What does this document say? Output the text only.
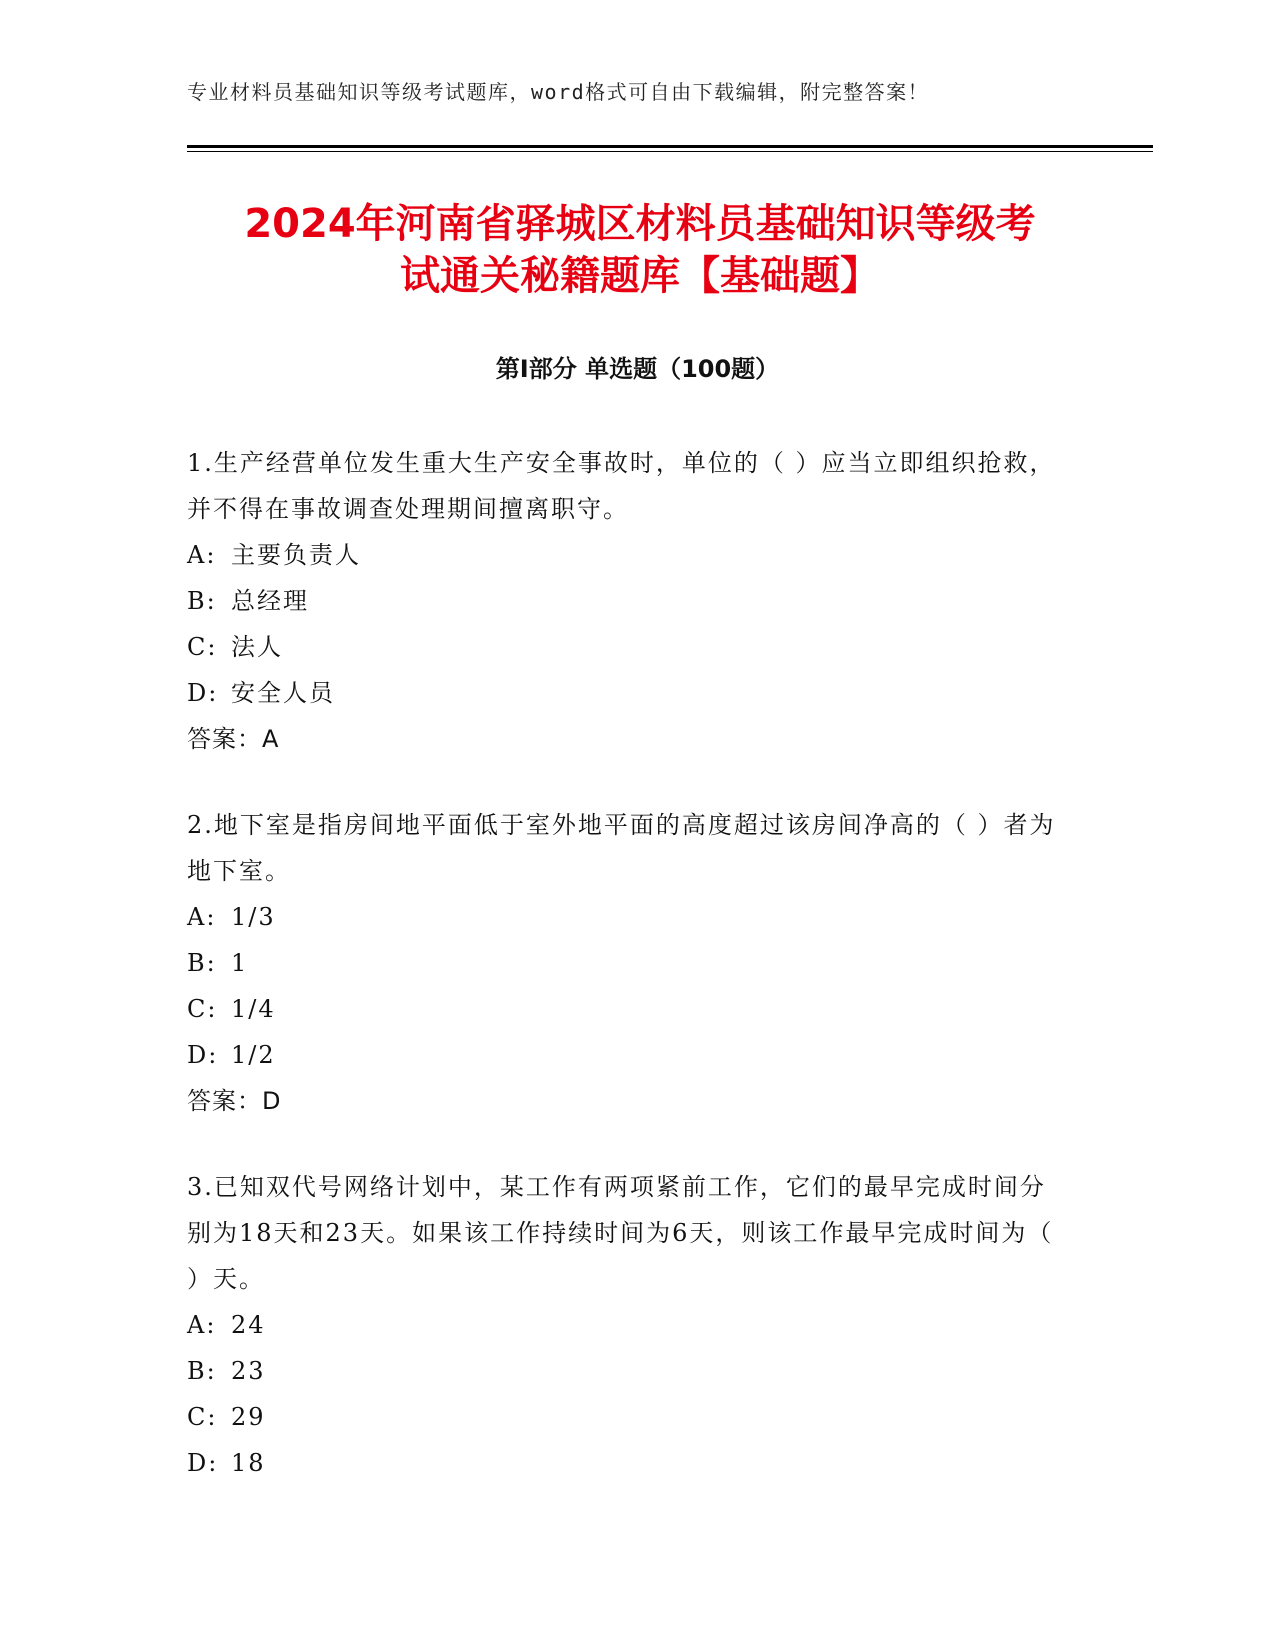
专业材料员基础知识等级考试题库，word格式可自由下载编辑，附完整答案！
2024年河南省驿城区材料员基础知识等级考
试通关秘籍题库【基础题】
第Ⅰ部分 单选题（100题）

1.生产经营单位发生重大生产安全事故时，单位的（ ）应当立即组织抢救，并不得在事故调查处理期间擅离职守。

A: 主要负责人
B: 总经理
C: 法人
D: 安全人员
答案：A

2.地下室是指房间地平面低于室外地平面的高度超过该房间净高的（ ）者为地下室。

A: 1/3
B: 1
C: 1/4
D: 1/2
答案：D

3.已知双代号网络计划中，某工作有两项紧前工作，它们的最早完成时间分别为18天和23天。如果该工作持续时间为6天，则该工作最早完成时间为（ ）天。

A: 24
B: 23
C: 29
D: 18
